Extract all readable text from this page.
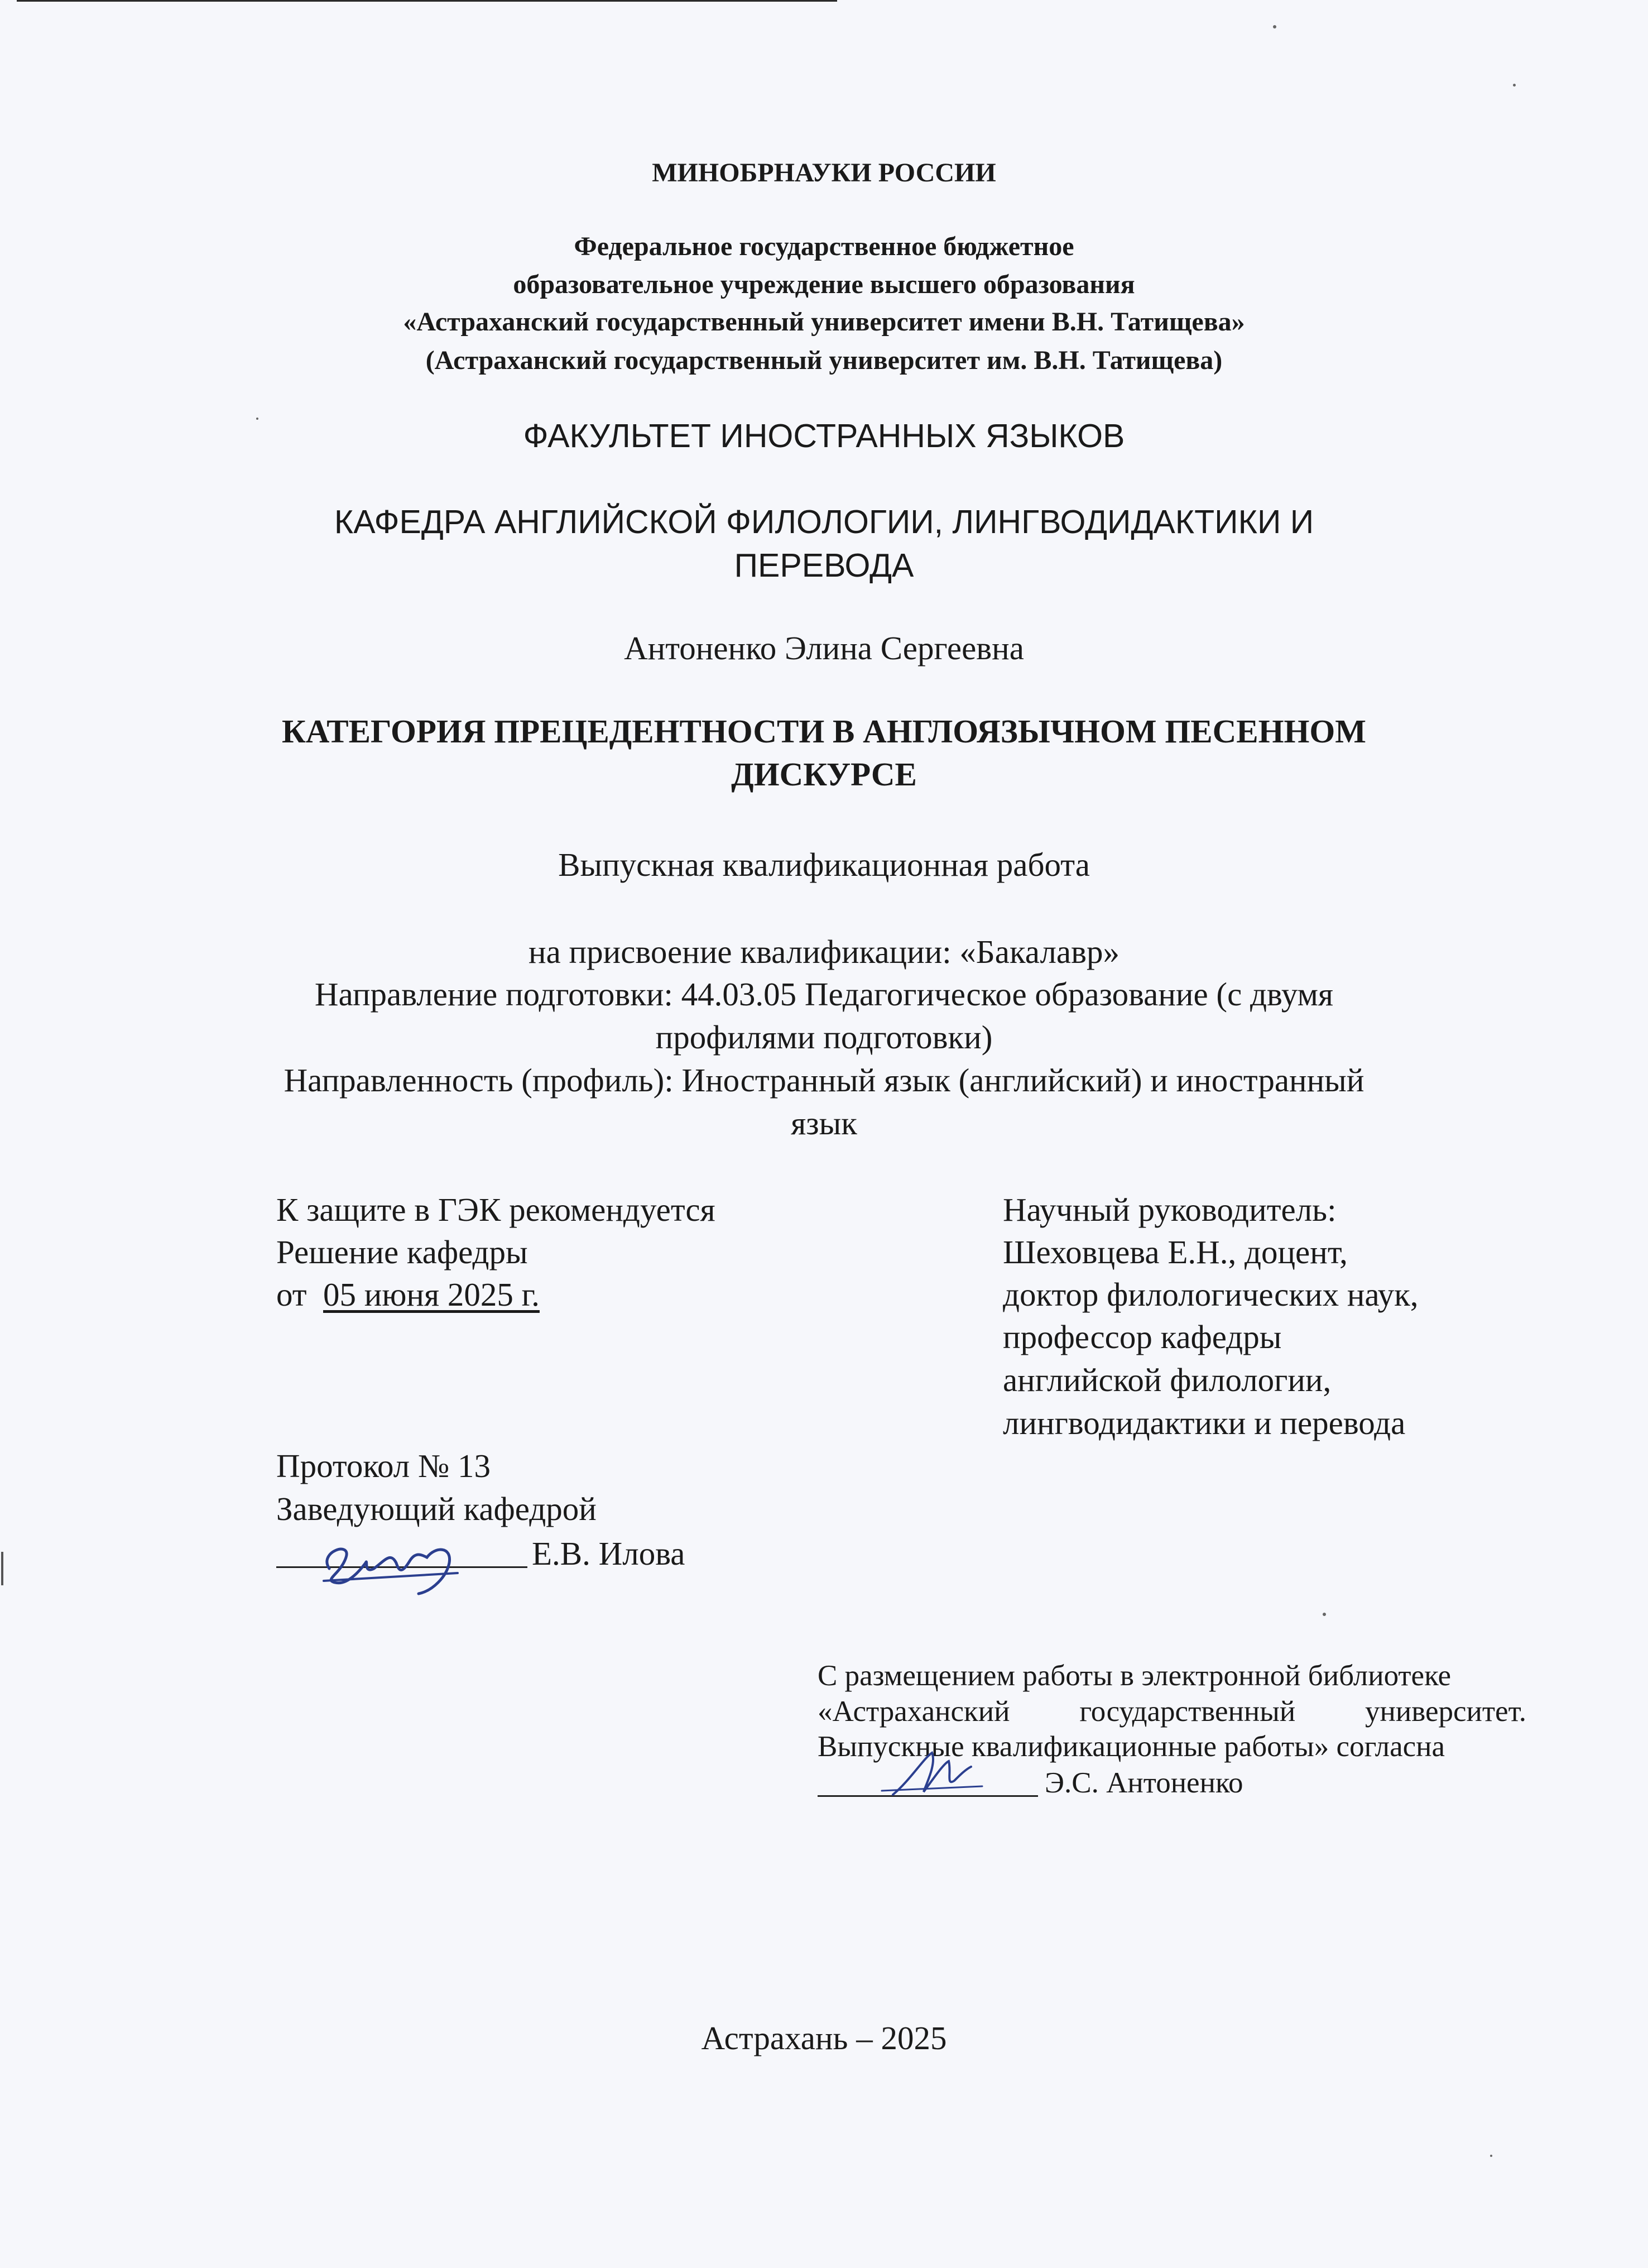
МИНОБРНАУКИ РОССИИ
Федеральное государственное бюджетное
образовательное учреждение высшего образования
«Астраханский государственный университет имени В.Н. Татищева»
(Астраханский государственный университет им. В.Н. Татищева)
ФАКУЛЬТЕТ ИНОСТРАННЫХ ЯЗЫКОВ
КАФЕДРА АНГЛИЙСКОЙ ФИЛОЛОГИИ, ЛИНГВОДИДАКТИКИ И
ПЕРЕВОДА
Антоненко Элина Сергеевна
КАТЕГОРИЯ ПРЕЦЕДЕНТНОСТИ В АНГЛОЯЗЫЧНОМ ПЕСЕННОМ
ДИСКУРСЕ
Выпускная квалификационная работа
на присвоение квалификации: «Бакалавр»
Направление подготовки: 44.03.05 Педагогическое образование (с двумя
профилями подготовки)
Направленность (профиль): Иностранный язык (английский) и иностранный
язык
К защите в ГЭК рекомендуется
Решение кафедры
от 05 июня 2025 г.
Протокол № 13
Заведующий кафедрой
Е.В. Илова
Научный руководитель:
Шеховцева Е.Н., доцент,
доктор филологических наук,
профессор кафедры
английской филологии,
лингводидактики и перевода
С размещением работы в электронной библиотеке
«Астраханский государственный университет.
Выпускные квалификационные работы» согласна
Э.С. Антоненко
Астрахань – 2025
